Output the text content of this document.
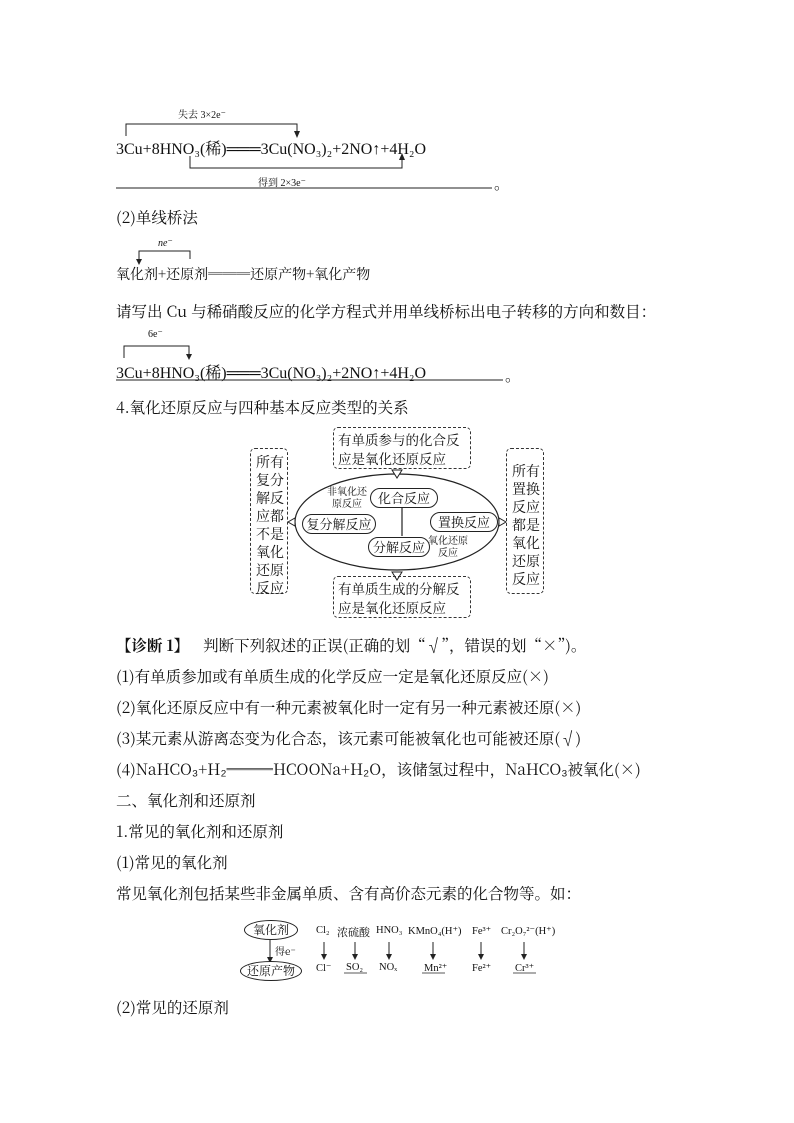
失去 3×2e⁻
3Cu+8HNO₃(稀)═══3Cu(NO₃)₂+2NO↑+4H₂O
得到 2×3e⁻	。
(2)单线桥法
ne⁻
氧化剂+还原剂═══还原产物+氧化产物
请写出 Cu 与稀硝酸反应的化学方程式并用单线桥标出电子转移的方向和数目：
6e⁻
3Cu+8HNO₃(稀)═══3Cu(NO₃)₂+2NO↑+4H₂O	。
4.氧化还原反应与四种基本反应类型的关系
有单质参与的化合反应是氧化还原反应
有单质生成的分解反应是氧化还原反应
所有复分解反应都不是氧化还原反应
所有置换反应都是氧化还原反应
化合反应
复分解反应	置换反应
分解反应
非氧化还原反应
氧化还原反应
【诊断 1】 判断下列叙述的正误(正确的划“√”，错误的划“×”)。
(1)有单质参加或有单质生成的化学反应一定是氧化还原反应(×)
(2)氧化还原反应中有一种元素被氧化时一定有另一种元素被还原(×)
(3)某元素从游离态变为化合态，该元素可能被氧化也可能被还原(√)
(4)NaHCO₃+H₂═══HCOONa+H₂O，该储氢过程中，NaHCO₃被氧化(×)
二、氧化剂和还原剂
1.常见的氧化剂和还原剂
(1)常见的氧化剂
常见氧化剂包括某些非金属单质、含有高价态元素的化合物等。如：
氧化剂
得e⁻
还原产物
Cl₂ 浓硫酸 HNO₃ KMnO₄(H⁺) Fe³⁺ Cr₂O₇²⁻(H⁺)
Cl⁻ SO₂ NOₓ	Mn²⁺ Fe²⁺ Cr³⁺
(2)常见的还原剂
